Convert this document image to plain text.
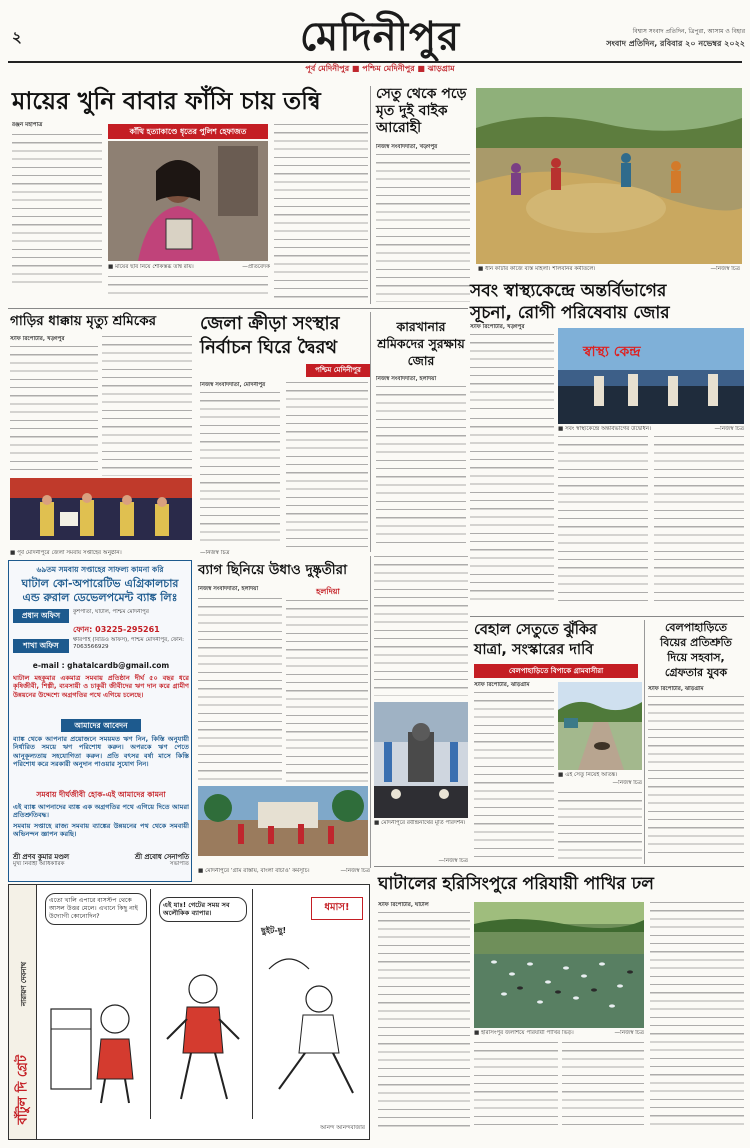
২	মেদিনীপুর	বিশ্বাস সংবাদ প্রতিদিন, ত্রিপুরা, আসাম ও বিহার
সংবাদ প্রতিদিন, রবিবার ২০ নভেম্বর ২০২২
পূর্ব মেদিনীপুর ■ পশ্চিম মেদিনীপুর ■ ঝাড়গ্রাম
মায়ের খুনি বাবার ফাঁসি চায় তন্বি
রঞ্জন মহাপাত্র
কাঁথি হত্যাকাণ্ডে ধৃতের পুলিশ হেফাজত
■ মায়ের ছবি নিয়ে শোকস্তব্ধ তন্বি রায়।	—প্রতিবেদক
সেতু থেকে পড়ে মৃত দুই বাইক আরোহী
নিজস্ব সংবাদদাতা, খড়্গপুর
■ ধান কাটার কাজে ব্যস্ত মহিলা। শালবনির কর্মীতলে।	—নিজস্ব চিত্র
সবং স্বাস্থ্যকেন্দ্রে অন্তর্বিভাগের
সূচনা, রোগী পরিষেবায় জোর
গাড়ির ধাক্কায় মৃত্যু শ্রমিকের
স্টাফ রিপোর্টার, খড়্গপুর
■ পূর্ব মেদিনীপুরে জেলা সমবায় সপ্তাহের অনুষ্ঠান।	—নিজস্ব চিত্র
জেলা ক্রীড়া সংস্থার
নির্বাচন ঘিরে দ্বৈরথ
পশ্চিম মেদিনীপুর
নিজস্ব সংবাদদাতা, মেদিনীপুর
কারখানার শ্রমিকদের সুরক্ষায় জোর
নিজস্ব সংবাদদাতা, হলদিয়া
স্টাফ রিপোর্টার, খড়্গপুর
স্বাস্থ্য কেন্দ্র
■ সবং স্বাস্থ্যকেন্দ্রে অন্তর্বিভাগের উদ্বোধন।	—নিজস্ব চিত্র
৬৯তম সমবায় সপ্তাহের সাফল্য কামনা করি
ঘাটাল কো-অপারেটিভ এগ্রিকালচার
এন্ড রুরাল ডেভেলপমেন্ট ব্যাঙ্ক লিঃ
প্রধান অফিস	কুশপাতা, ঘাটাল, পশ্চিম মেদিনীপুর
ফোন: 03225-295261
শাখা অফিস
ক্ষীরপাই (বিডিও অফিস), পশ্চিম মেদিনীপুর, ফোন: 7063566929
e-mail : ghatalcardb@gmail.com
ঘাটাল মহকুমার একমাত্র সমবায় প্রতিষ্ঠান দীর্ঘ ৫০ বছর ধরে কৃষিজীবী, শিল্পী, ব্যবসায়ী ও চাকুরী জীবীদের ঋণ দান করে গ্রামীণ উন্নয়নের উদ্দেশ্যে অগ্রগতির পথে এগিয়ে চলেছে।
আমাদের আবেদন
ব্যাঙ্ক থেকে আপনার প্রয়োজনে সময়মত ঋণ নিন, কিস্তি অনুযায়ী নির্ধারিত সময়ে ঋণ পরিশোধ করুন। অপরকে ঋণ পেতে আনুকূল্যতায় সহযোগিতা করুন। প্রতি বৎসর বর্ষা মাসে কিস্তি পরিশোধ করে সরকারী অনুদান পাওয়ার সুযোগ নিন।
সমবায় দীর্ঘজীবী হোক-এই আমাদের কামনা
এই ব্যাঙ্ক আপনাদের ব্যাঙ্ক এক অগ্রগতির পথে এগিয়ে দিতে আমরা প্রতিশ্রুতিবদ্ধ।
সমবায় সপ্তাহে রাজ্য সমবায় ব্যাঙ্কের উন্নয়নের পথ থেকে সমবায়ী অভিনন্দন জ্ঞাপন করছি।
শ্রী প্রণব কুমার মণ্ডল
মুখ্য নির্বাহী আধিকারিক
শ্রী প্রবোধ সেনাপতি
সভাপতি
ব্যাগ ছিনিয়ে উধাও দুষ্কৃতীরা
হলদিয়া
নিজস্ব সংবাদদাতা, হলদিয়া
■ মেদিনীপুরে ‘গ্রাম রাস্তায়, বাংলা বাঁচাও’ কর্মসূচি।	—নিজস্ব চিত্র
■ মেদিনীপুরে রবীন্দ্রনাথের মূর্তি পরিদর্শন।
—নিজস্ব চিত্র
বেহাল সেতুতে ঝুঁকির
যাত্রা, সংস্কারের দাবি
বেলপাহাড়িতে বিপাকে গ্রামবাসীরা
স্টাফ রিপোর্টার, ঝাড়গ্রাম
■ এই সেতু নিয়েই আতঙ্ক।
—নিজস্ব চিত্র
বেলপাহাড়িতে
বিয়ের প্রতিশ্রুতি
দিয়ে সহবাস,
গ্রেফতার যুবক
স্টাফ রিপোর্টার, ঝাড়গ্রাম
ঘাটালের হরিসিংপুরে পরিযায়ী পাখির ঢল
স্টাফ রিপোর্টার, ঘাটাল
■ হরিসিংপুর জলাশয়ে পরিযায়ী পাখির ভিড়।	—নিজস্ব চিত্র
বাঁটুল দি গ্রেট
নারায়ণ দেবনাথ
এতো খালি এপারে বাসস্টপ থেকে আসল উত্তর মেলে। এখানে কিছু নাই উদ্যোগী কোনোদিন?
এই যাঃ! গেটের সময় সব অলৌকিক ব্যাপার।
ধমাস!
ছুইট-ছু!
আনন্দ আনন্দবাজার
